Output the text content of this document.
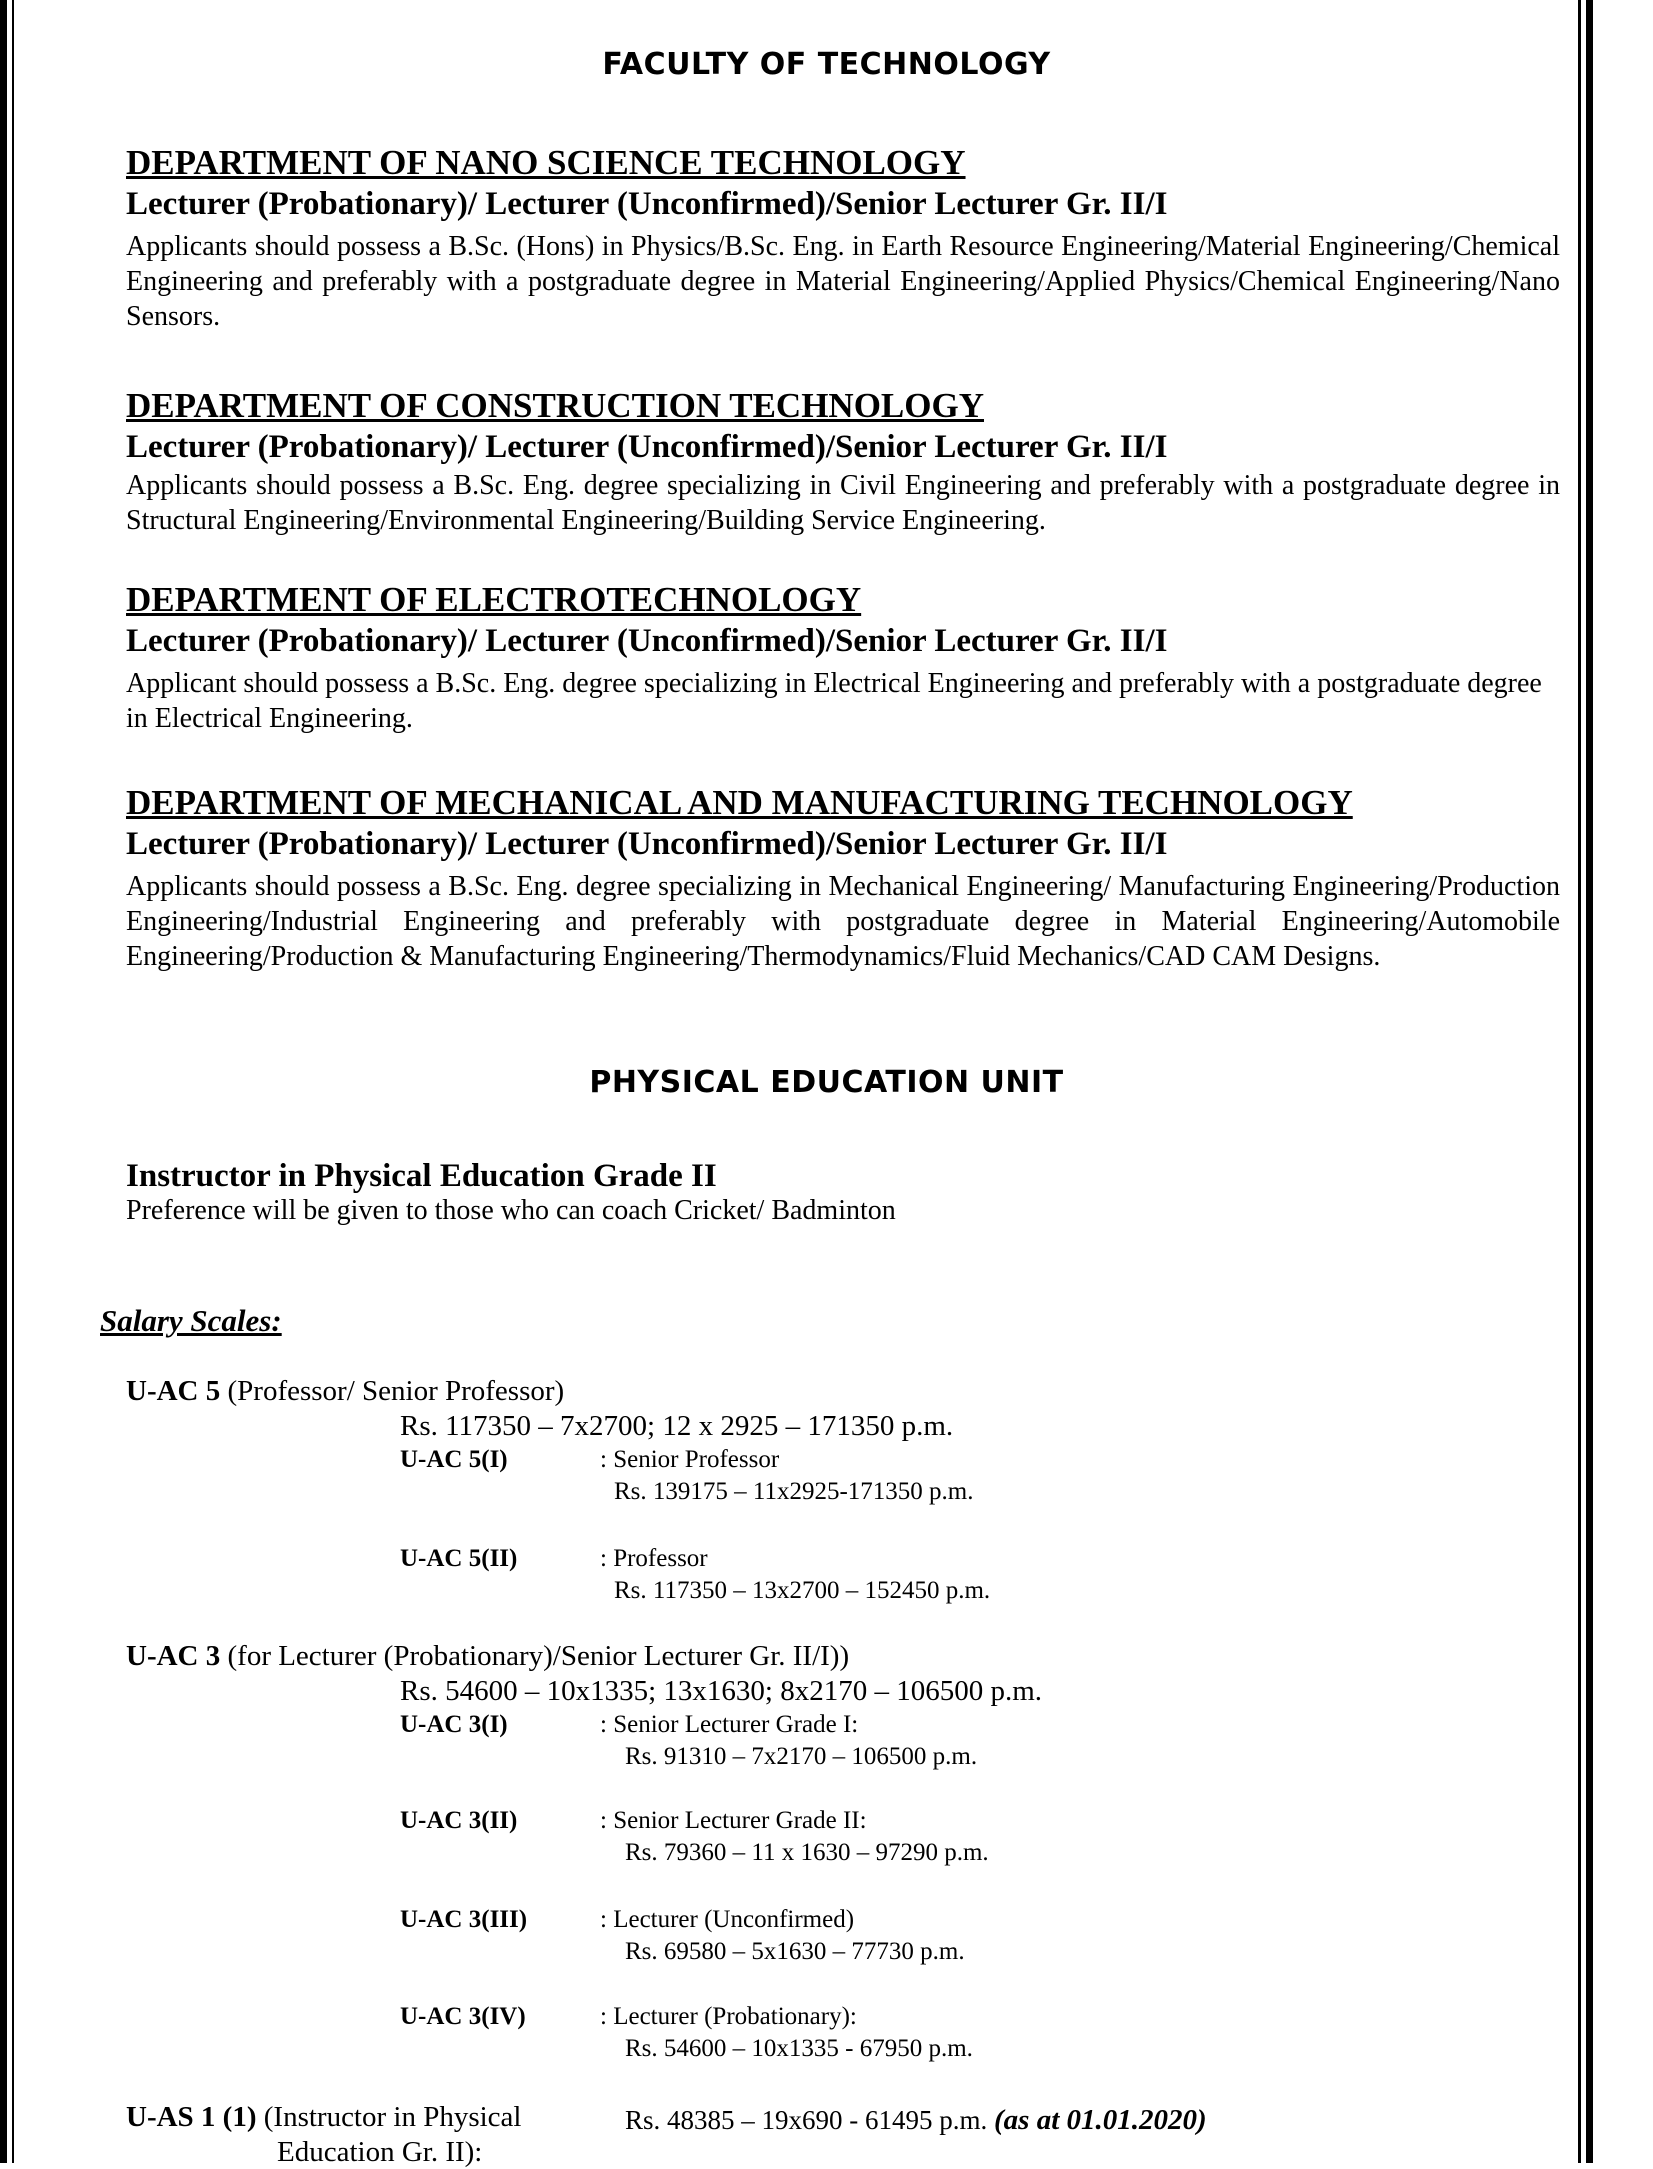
FACULTY OF TECHNOLOGY

DEPARTMENT OF NANO SCIENCE TECHNOLOGY

Lecturer (Probationary)/ Lecturer (Unconfirmed)/Senior Lecturer Gr. II/I

Applicants should possess a B.Sc. (Hons) in Physics/B.Sc. Eng. in Earth Resource Engineering/Material Engineering/Chemical Engineering and preferably with a postgraduate degree in Material Engineering/Applied Physics/Chemical Engineering/Nano Sensors.

DEPARTMENT OF CONSTRUCTION TECHNOLOGY

Lecturer (Probationary)/ Lecturer (Unconfirmed)/Senior Lecturer Gr. II/I

Applicants should possess a B.Sc. Eng. degree specializing in Civil Engineering and preferably with a postgraduate degree in Structural Engineering/Environmental Engineering/Building Service Engineering.

DEPARTMENT OF ELECTROTECHNOLOGY

Lecturer (Probationary)/ Lecturer (Unconfirmed)/Senior Lecturer Gr. II/I

Applicant should possess a B.Sc. Eng. degree specializing in Electrical Engineering and preferably with a postgraduate degree in Electrical Engineering.

DEPARTMENT OF MECHANICAL AND MANUFACTURING TECHNOLOGY

Lecturer (Probationary)/ Lecturer (Unconfirmed)/Senior Lecturer Gr. II/I

Applicants should possess a B.Sc. Eng. degree specializing in Mechanical Engineering/ Manufacturing Engineering/Production Engineering/Industrial Engineering and preferably with postgraduate degree in Material Engineering/Automobile Engineering/Production & Manufacturing Engineering/Thermodynamics/Fluid Mechanics/CAD CAM Designs.

PHYSICAL EDUCATION UNIT

Instructor in Physical Education Grade II

Preference will be given to those who can coach Cricket/ Badminton

Salary Scales:
U-AC 5 (Professor/ Senior Professor)
Rs. 117350 – 7x2700; 12 x 2925 – 171350 p.m.
U-AC 5(I)	: Senior Professor
Rs. 139175 – 11x2925-171350 p.m.
U-AC 5(II)	: Professor
Rs. 117350 – 13x2700 – 152450 p.m.
U-AC 3 (for Lecturer (Probationary)/Senior Lecturer Gr. II/I))
Rs. 54600 – 10x1335; 13x1630; 8x2170 – 106500 p.m.
U-AC 3(I)	: Senior Lecturer Grade I:
Rs. 91310 – 7x2170 – 106500 p.m.
U-AC 3(II)	: Senior Lecturer Grade II:
Rs. 79360 – 11 x 1630 – 97290 p.m.
U-AC 3(III)	: Lecturer (Unconfirmed)
Rs. 69580 – 5x1630 – 77730 p.m.
U-AC 3(IV)	: Lecturer (Probationary):
Rs. 54600 – 10x1335 - 67950 p.m.
U-AS 1 (1) (Instructor in Physical
Education Gr. II):
Rs. 48385 – 19x690 - 61495 p.m. (as at 01.01.2020)
